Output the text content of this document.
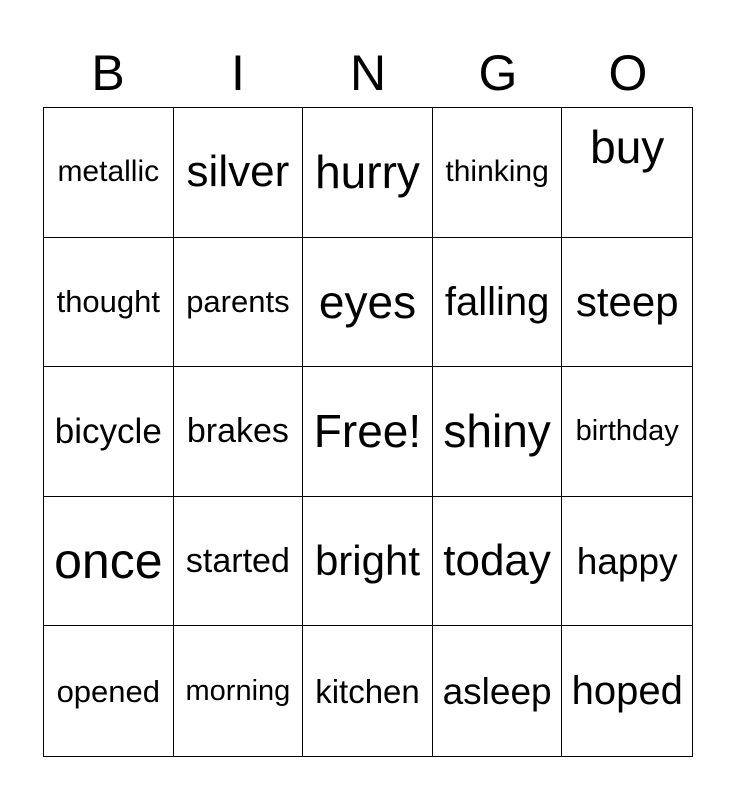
B	I	N	G	O
metallic silver hurry thinking buy
thought parents eyes falling steep
bicycle brakes Free! shiny birthday
once started bright today happy
opened morning kitchen asleep hoped
